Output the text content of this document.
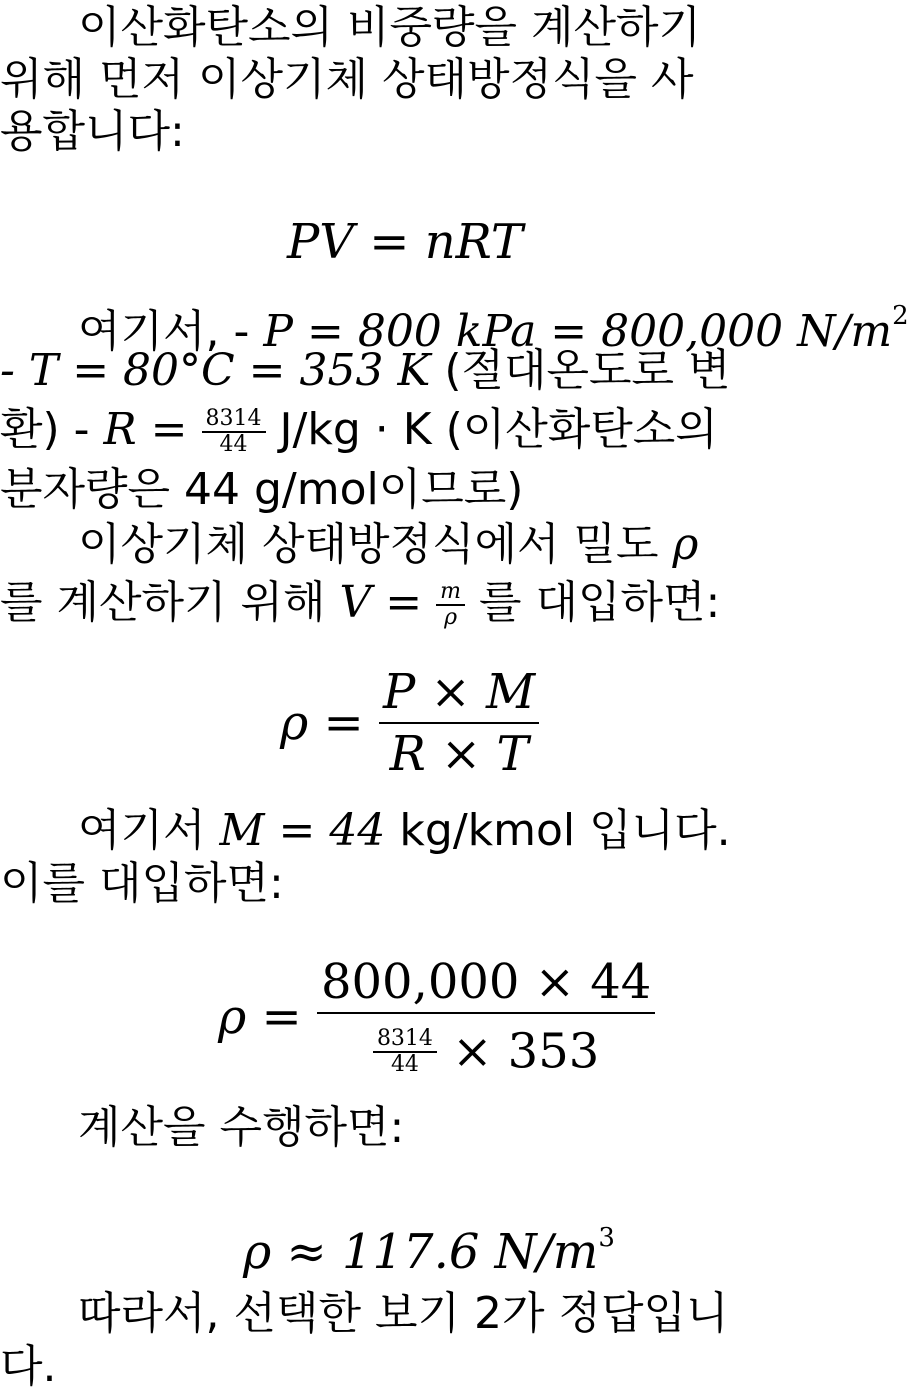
이산화탄소의 비중량을 계산하기
위해 먼저 이상기체 상태방정식을 사
용합니다:
PV = nRT
여기서, - P = 800 kPa = 800,000 $N/m^2$
- T = 80°C = 353 K (절대온도로 변
환) - $R = \frac{8314}{44} J/kg \cdot K$ (이산화탄소의
분자량은 44 g/mol이므로)
이상기체 상태방정식에서 밀도 ρ
를 계산하기 위해 $V = \frac{m}{\rho}$ 를 대입하면:
$\rho = \frac{P \times M}{R \times T}$
여기서 M = 44 kg/kmol 입니다.
이를 대입하면:
$\rho = \frac{800,000 \times 44}{\frac{8314}{44} \times 353}$
계산을 수행하면:
ρ ≈ 117.6 $N/m^3$
따라서, 선택한 보기 2가 정답입니
다.
